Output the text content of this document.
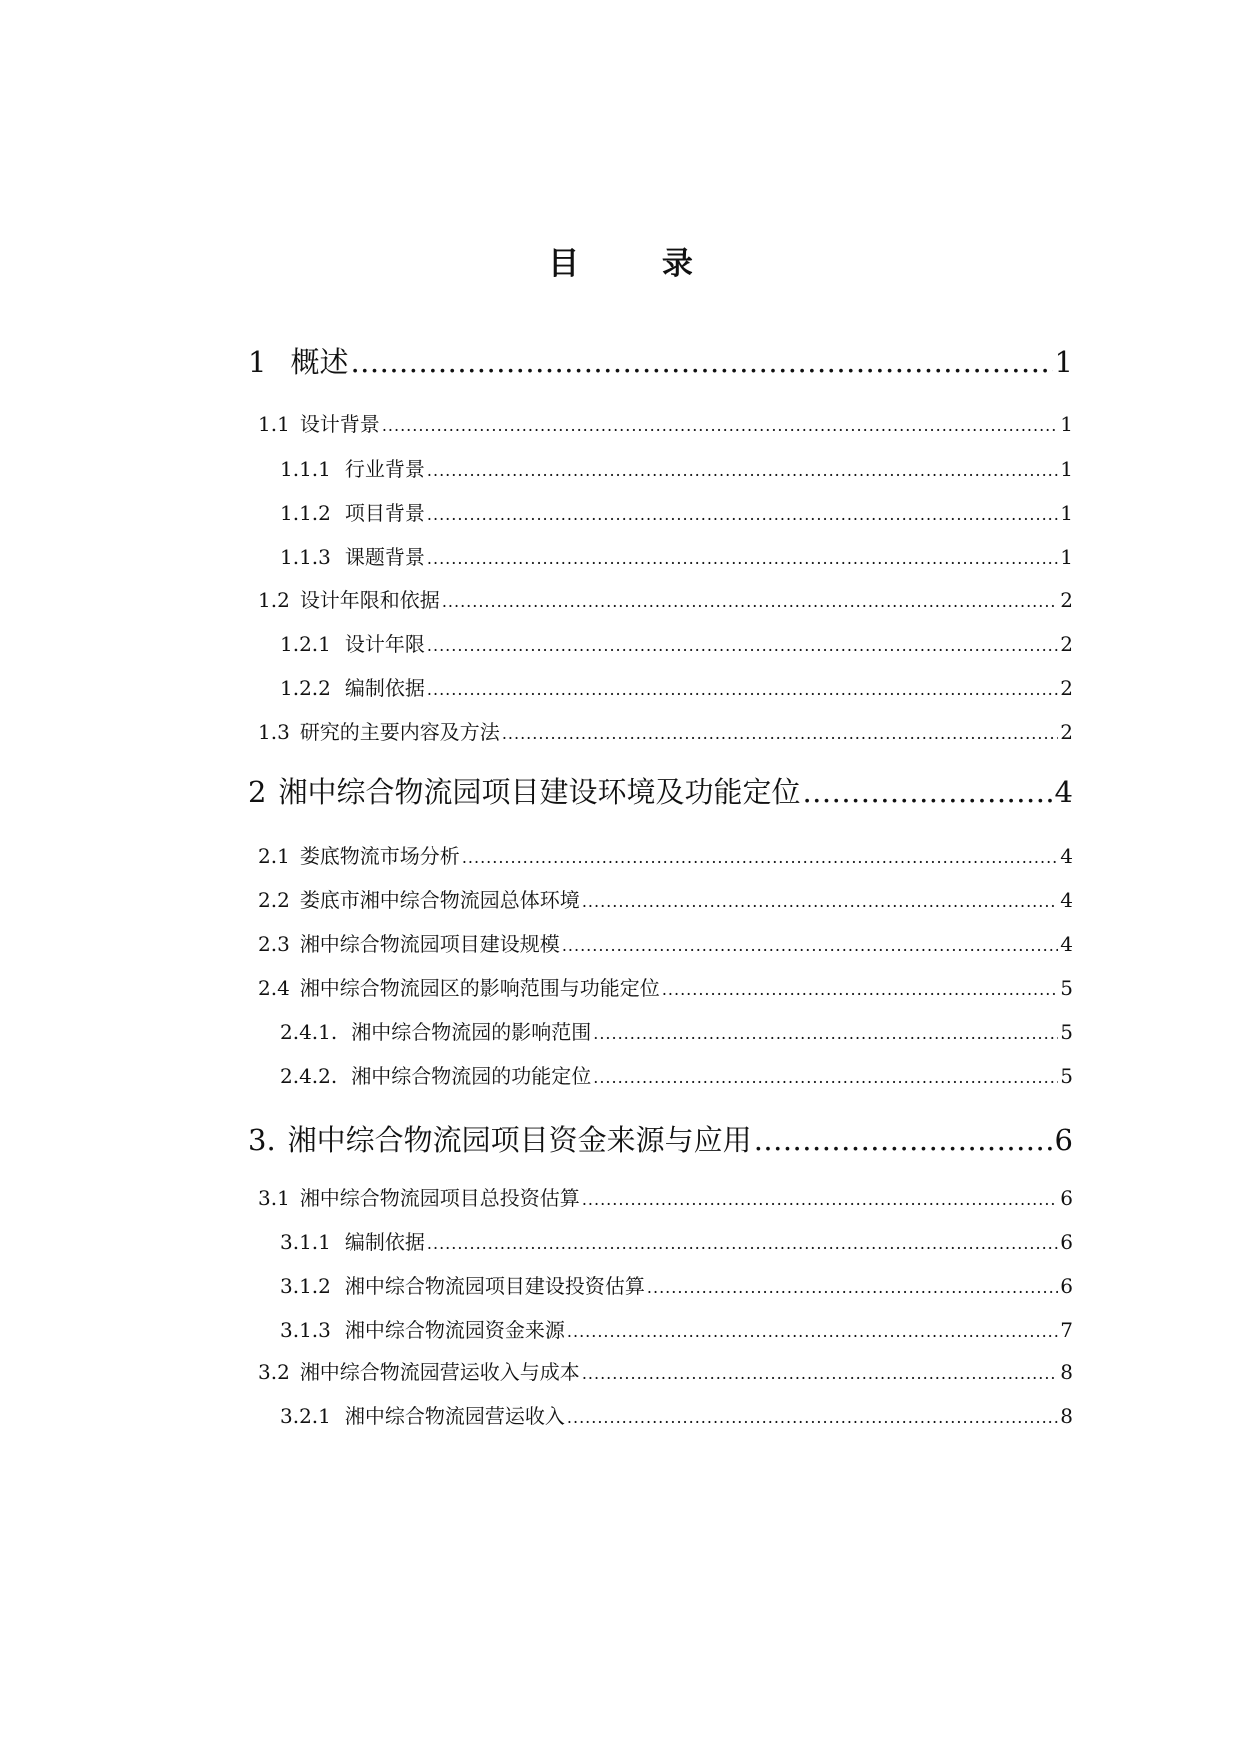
目 录
1 概述 .....	1
1.1 设计背景 .....	1
1.1.1 行业背景 .....	1
1.1.2 项目背景 .....	1
1.1.3 课题背景 .....	1
1.2 设计年限和依据 .....	2
1.2.1 设计年限 .....	2
1.2.2 编制依据 .....	2
1.3 研究的主要内容及方法 .....	2
2 湘中综合物流园项目建设环境及功能定位 .....	4
2.1 娄底物流市场分析 .....	4
2.2 娄底市湘中综合物流园总体环境 .....	4
2.3 湘中综合物流园项目建设规模 .....	4
2.4 湘中综合物流园区的影响范围与功能定位 .....	5
2.4.1. 湘中综合物流园的影响范围 .....	5
2.4.2. 湘中综合物流园的功能定位 .....	5
3. 湘中综合物流园项目资金来源与应用 .....	6
3.1 湘中综合物流园项目总投资估算 .....	6
3.1.1 编制依据 .....	6
3.1.2 湘中综合物流园项目建设投资估算 .....	6
3.1.3 湘中综合物流园资金来源 .....	7
3.2 湘中综合物流园营运收入与成本 .....	8
3.2.1 湘中综合物流园营运收入 .....	8
